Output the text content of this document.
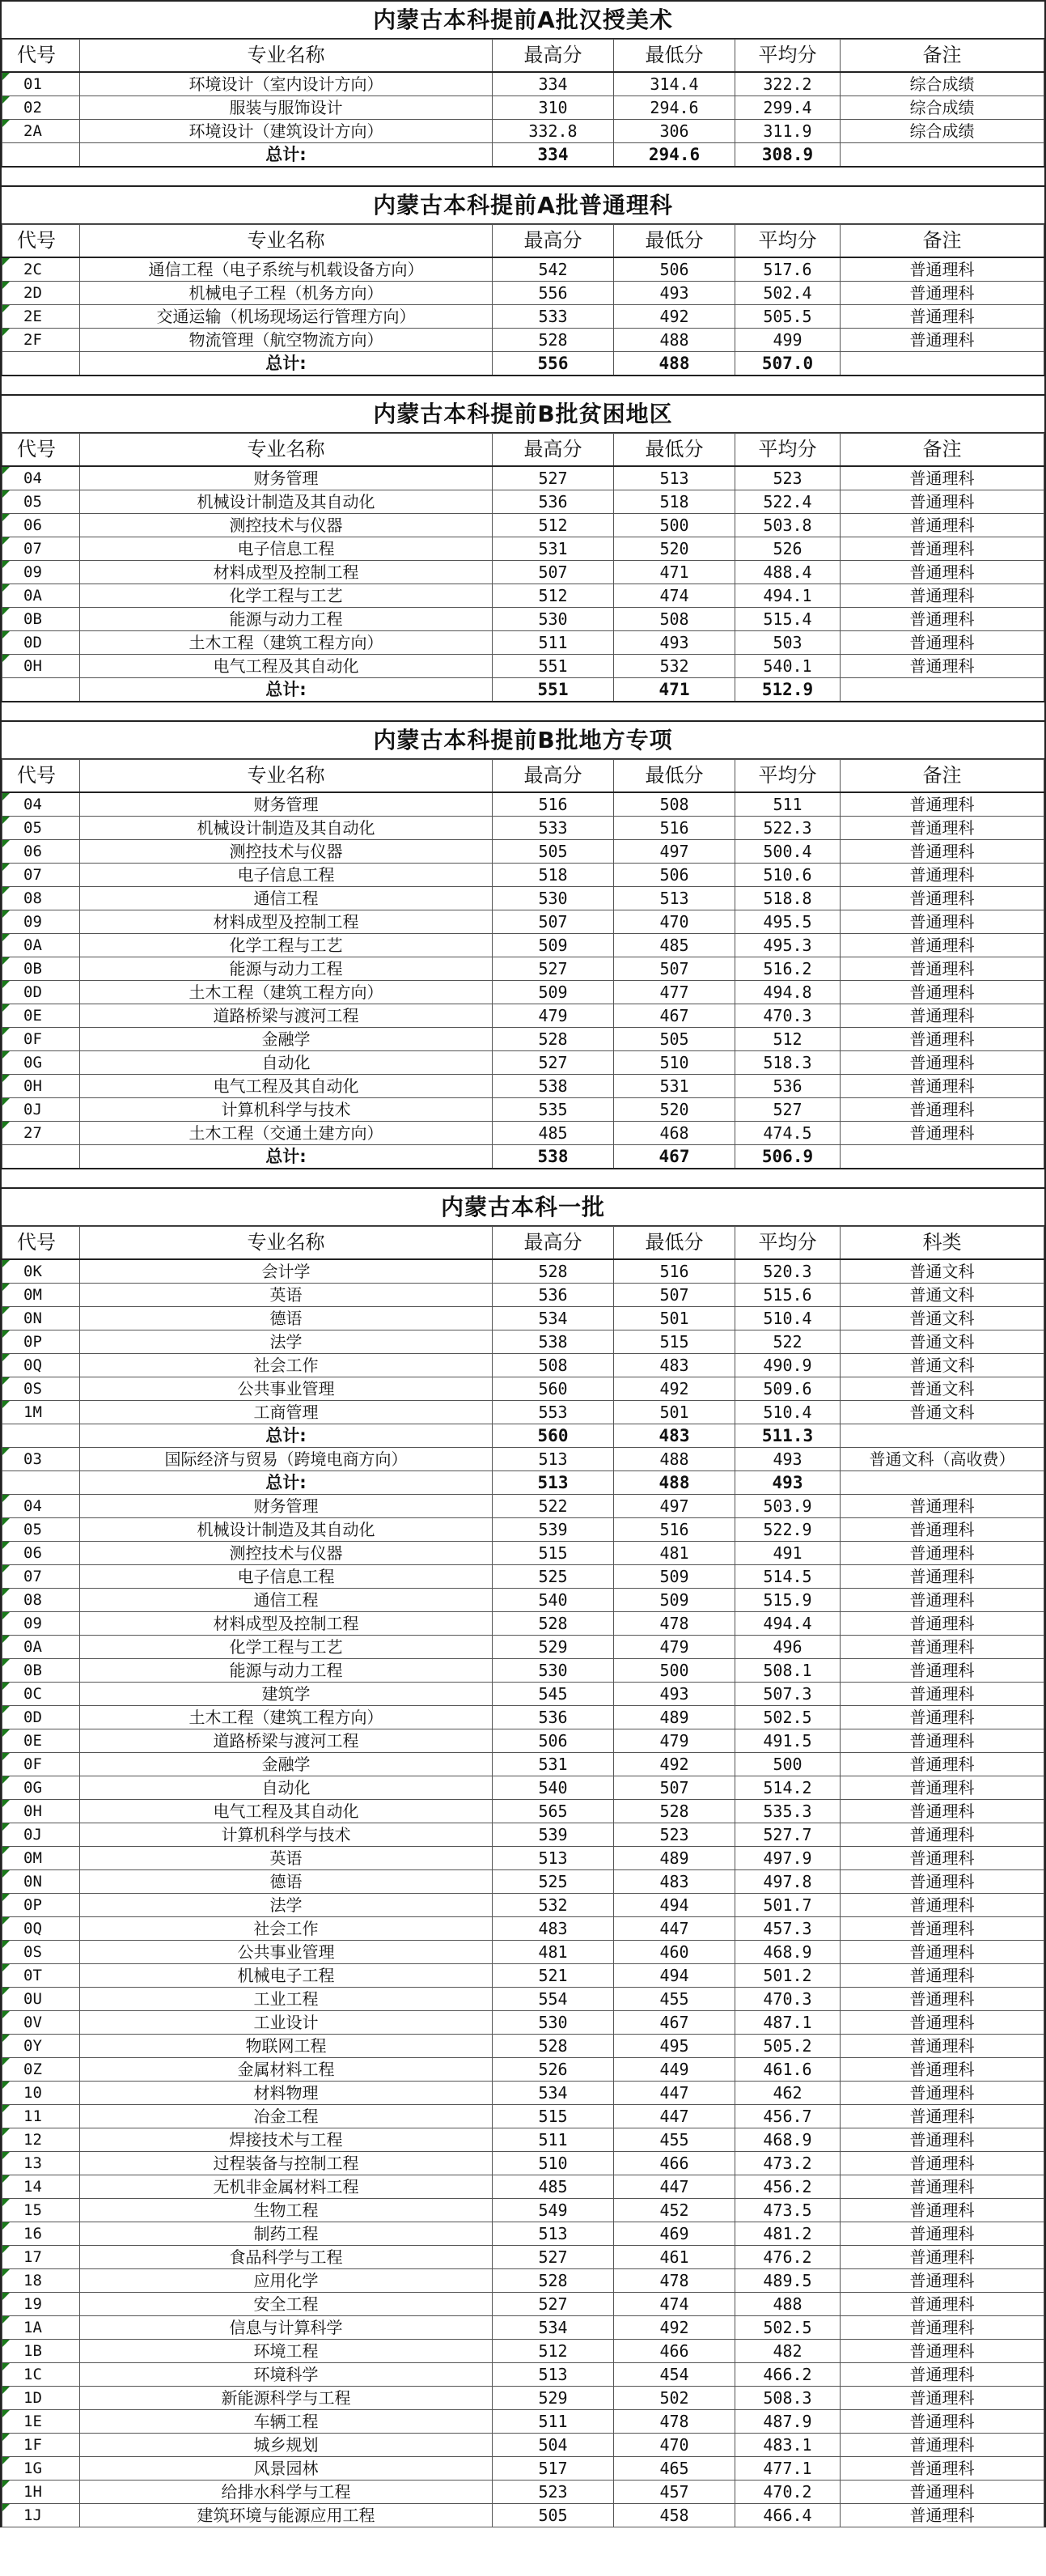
内蒙古本科提前A批汉授美术
代号	专业名称	最高分	最低分	平均分	备注
01	环境设计（室内设计方向）	334	314.4	322.2	综合成绩
02	服装与服饰设计	310	294.6	299.4	综合成绩
2A	环境设计（建筑设计方向）	332.8	306	311.9	综合成绩
	总计:	334	294.6	308.9	
内蒙古本科提前A批普通理科
代号	专业名称	最高分	最低分	平均分	备注
2C	通信工程（电子系统与机载设备方向）	542	506	517.6	普通理科
2D	机械电子工程（机务方向）	556	493	502.4	普通理科
2E	交通运输（机场现场运行管理方向）	533	492	505.5	普通理科
2F	物流管理（航空物流方向）	528	488	499	普通理科
	总计:	556	488	507.0	
内蒙古本科提前B批贫困地区
代号	专业名称	最高分	最低分	平均分	备注
04	财务管理	527	513	523	普通理科
05	机械设计制造及其自动化	536	518	522.4	普通理科
06	测控技术与仪器	512	500	503.8	普通理科
07	电子信息工程	531	520	526	普通理科
09	材料成型及控制工程	507	471	488.4	普通理科
0A	化学工程与工艺	512	474	494.1	普通理科
0B	能源与动力工程	530	508	515.4	普通理科
0D	土木工程（建筑工程方向）	511	493	503	普通理科
0H	电气工程及其自动化	551	532	540.1	普通理科
	总计:	551	471	512.9	
内蒙古本科提前B批地方专项
代号	专业名称	最高分	最低分	平均分	备注
04	财务管理	516	508	511	普通理科
05	机械设计制造及其自动化	533	516	522.3	普通理科
06	测控技术与仪器	505	497	500.4	普通理科
07	电子信息工程	518	506	510.6	普通理科
08	通信工程	530	513	518.8	普通理科
09	材料成型及控制工程	507	470	495.5	普通理科
0A	化学工程与工艺	509	485	495.3	普通理科
0B	能源与动力工程	527	507	516.2	普通理科
0D	土木工程（建筑工程方向）	509	477	494.8	普通理科
0E	道路桥梁与渡河工程	479	467	470.3	普通理科
0F	金融学	528	505	512	普通理科
0G	自动化	527	510	518.3	普通理科
0H	电气工程及其自动化	538	531	536	普通理科
0J	计算机科学与技术	535	520	527	普通理科
27	土木工程（交通土建方向）	485	468	474.5	普通理科
	总计:	538	467	506.9	
内蒙古本科一批
代号	专业名称	最高分	最低分	平均分	科类
0K	会计学	528	516	520.3	普通文科
0M	英语	536	507	515.6	普通文科
0N	德语	534	501	510.4	普通文科
0P	法学	538	515	522	普通文科
0Q	社会工作	508	483	490.9	普通文科
0S	公共事业管理	560	492	509.6	普通文科
1M	工商管理	553	501	510.4	普通文科
	总计:	560	483	511.3	
03	国际经济与贸易（跨境电商方向）	513	488	493	普通文科（高收费）
	总计:	513	488	493	
04	财务管理	522	497	503.9	普通理科
05	机械设计制造及其自动化	539	516	522.9	普通理科
06	测控技术与仪器	515	481	491	普通理科
07	电子信息工程	525	509	514.5	普通理科
08	通信工程	540	509	515.9	普通理科
09	材料成型及控制工程	528	478	494.4	普通理科
0A	化学工程与工艺	529	479	496	普通理科
0B	能源与动力工程	530	500	508.1	普通理科
0C	建筑学	545	493	507.3	普通理科
0D	土木工程（建筑工程方向）	536	489	502.5	普通理科
0E	道路桥梁与渡河工程	506	479	491.5	普通理科
0F	金融学	531	492	500	普通理科
0G	自动化	540	507	514.2	普通理科
0H	电气工程及其自动化	565	528	535.3	普通理科
0J	计算机科学与技术	539	523	527.7	普通理科
0M	英语	513	489	497.9	普通理科
0N	德语	525	483	497.8	普通理科
0P	法学	532	494	501.7	普通理科
0Q	社会工作	483	447	457.3	普通理科
0S	公共事业管理	481	460	468.9	普通理科
0T	机械电子工程	521	494	501.2	普通理科
0U	工业工程	554	455	470.3	普通理科
0V	工业设计	530	467	487.1	普通理科
0Y	物联网工程	528	495	505.2	普通理科
0Z	金属材料工程	526	449	461.6	普通理科
10	材料物理	534	447	462	普通理科
11	冶金工程	515	447	456.7	普通理科
12	焊接技术与工程	511	455	468.9	普通理科
13	过程装备与控制工程	510	466	473.2	普通理科
14	无机非金属材料工程	485	447	456.2	普通理科
15	生物工程	549	452	473.5	普通理科
16	制药工程	513	469	481.2	普通理科
17	食品科学与工程	527	461	476.2	普通理科
18	应用化学	528	478	489.5	普通理科
19	安全工程	527	474	488	普通理科
1A	信息与计算科学	534	492	502.5	普通理科
1B	环境工程	512	466	482	普通理科
1C	环境科学	513	454	466.2	普通理科
1D	新能源科学与工程	529	502	508.3	普通理科
1E	车辆工程	511	478	487.9	普通理科
1F	城乡规划	504	470	483.1	普通理科
1G	风景园林	517	465	477.1	普通理科
1H	给排水科学与工程	523	457	470.2	普通理科
1J	建筑环境与能源应用工程	505	458	466.4	普通理科
